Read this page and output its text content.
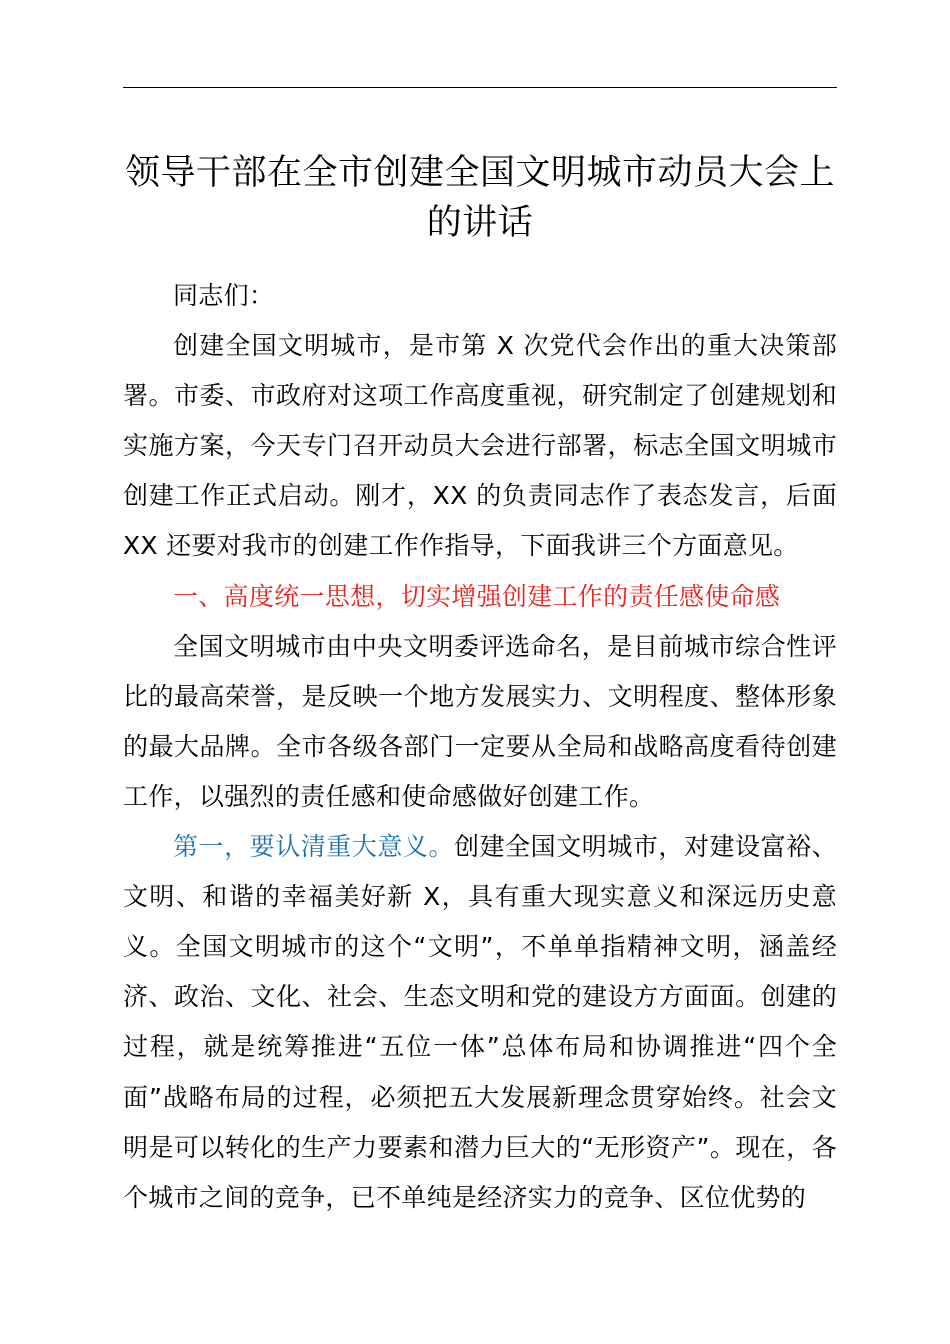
领导干部在全市创建全国文明城市动员大会上
的讲话

同志们：

创建全国文明城市，是市第 X 次党代会作出的重大决策部署。市委、市政府对这项工作高度重视，研究制定了创建规划和实施方案，今天专门召开动员大会进行部署，标志全国文明城市创建工作正式启动。刚才，XX 的负责同志作了表态发言，后面 XX 还要对我市的创建工作作指导，下面我讲三个方面意见。

一、高度统一思想，切实增强创建工作的责任感使命感

全国文明城市由中央文明委评选命名，是目前城市综合性评比的最高荣誉，是反映一个地方发展实力、文明程度、整体形象的最大品牌。全市各级各部门一定要从全局和战略高度看待创建工作，以强烈的责任感和使命感做好创建工作。

第一，要认清重大意义。创建全国文明城市，对建设富裕、文明、和谐的幸福美好新 X，具有重大现实意义和深远历史意义。全国文明城市的这个“文明”，不单单指精神文明，涵盖经济、政治、文化、社会、生态文明和党的建设方方面面。创建的过程，就是统筹推进“五位一体”总体布局和协调推进“四个全面”战略布局的过程，必须把五大发展新理念贯穿始终。社会文明是可以转化的生产力要素和潜力巨大的“无形资产”。现在，各个城市之间的竞争，已不单纯是经济实力的竞争、区位优势的
